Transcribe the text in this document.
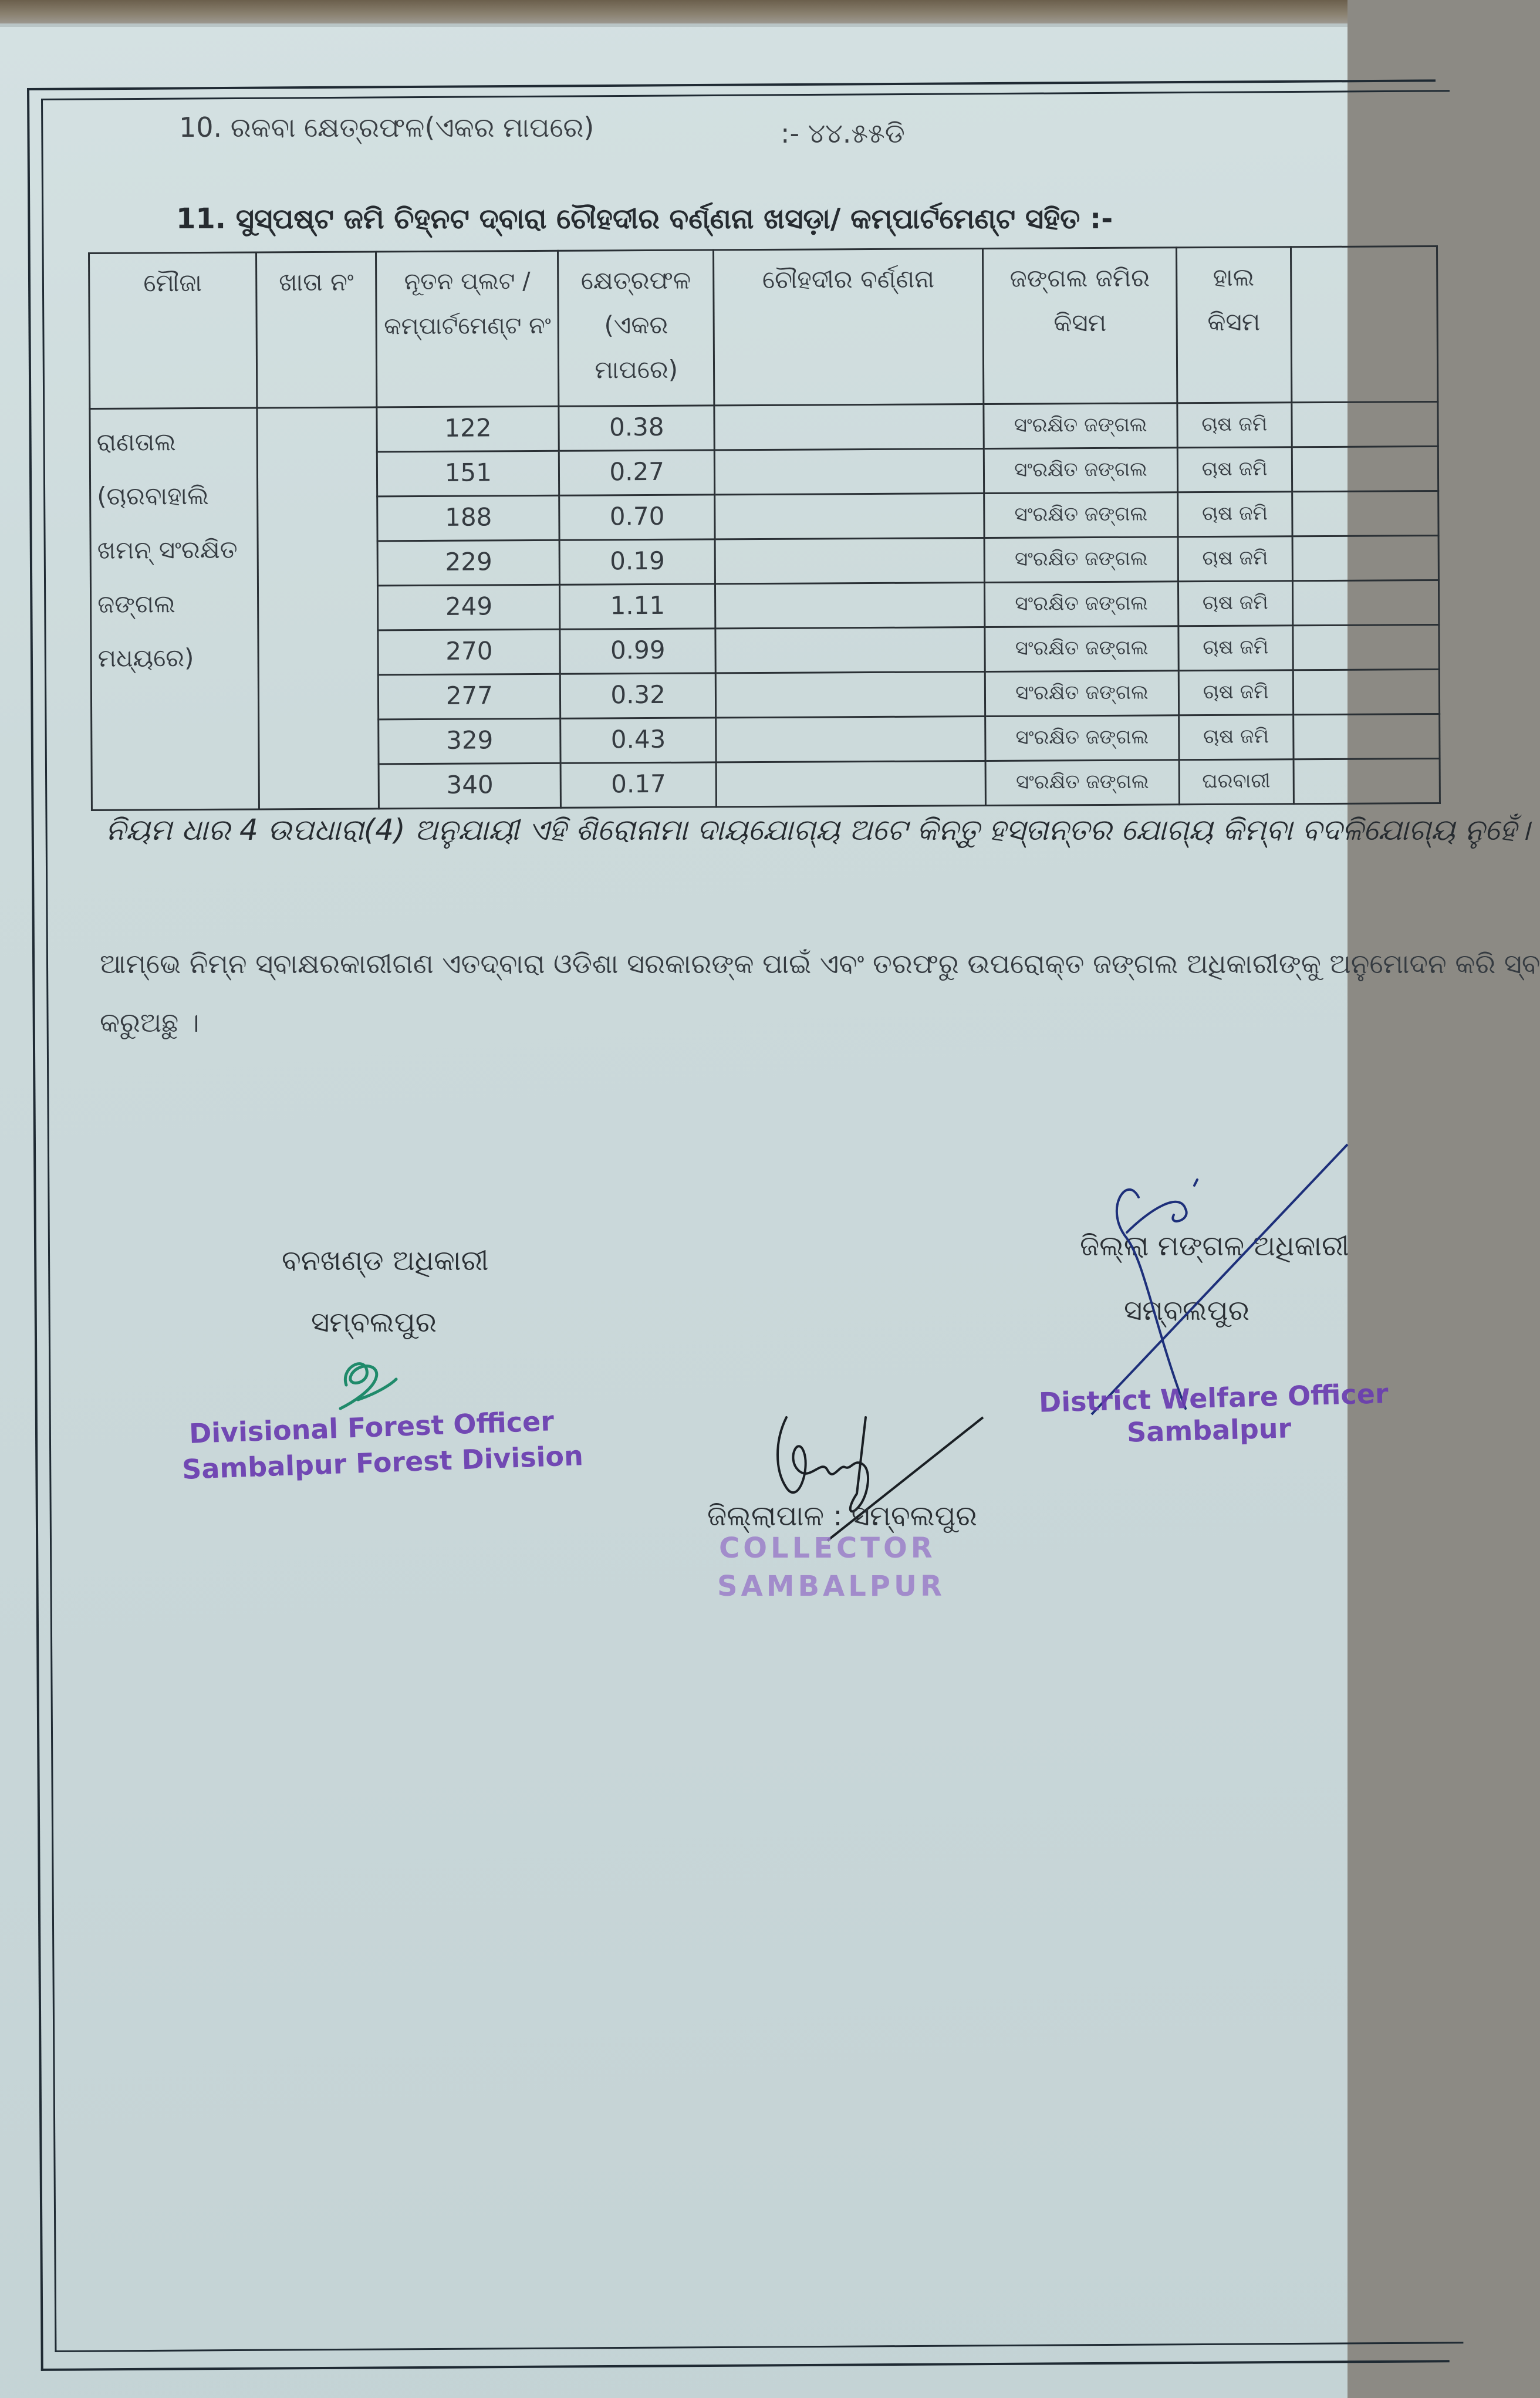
10. ରକବା କ୍ଷେତ୍ରଫଳ(ଏକର ମାପରେ)	:- ୪୪.୫୫ଡି
11. ସୁସ୍ପଷ୍ଟ ଜମି ଚିହ୍ନଟ ଦ୍ବାରା ଚୌହଦୀର ବର୍ଣ୍ଣନା ଖସଡ଼ା/ କମ୍ପାର୍ଟମେଣ୍ଟ ସହିତ :-
ମୌଜା	ଖାତା ନଂ	ନୂତନ ପ୍ଲଟ / କମ୍ପାର୍ଟମେଣ୍ଟ ନଂ	କ୍ଷେତ୍ରଫଳ (ଏକର ମାପରେ)	ଚୌହଦୀର ବର୍ଣ୍ଣନା	ଜଙ୍ଗଲ ଜମିର କିସମ	ହାଲ କିସମ	

ରାଣତାଲ
(ଚାରବାହାଲି
ଖମନ୍ ସଂରକ୍ଷିତ
ଜଙ୍ଗଲ ମଧ୍ୟରେ)		122	0.38		ସଂରକ୍ଷିତ ଜଙ୍ଗଲ	ଚାଷ ଜମି	
		151	0.27		ସଂରକ୍ଷିତ ଜଙ୍ଗଲ	ଚାଷ ଜମି	
		188	0.70		ସଂରକ୍ଷିତ ଜଙ୍ଗଲ	ଚାଷ ଜମି	
		229	0.19		ସଂରକ୍ଷିତ ଜଙ୍ଗଲ	ଚାଷ ଜମି	
		249	1.11		ସଂରକ୍ଷିତ ଜଙ୍ଗଲ	ଚାଷ ଜମି	
		270	0.99		ସଂରକ୍ଷିତ ଜଙ୍ଗଲ	ଚାଷ ଜମି	
		277	0.32		ସଂରକ୍ଷିତ ଜଙ୍ଗଲ	ଚାଷ ଜମି	
		329	0.43		ସଂରକ୍ଷିତ ଜଙ୍ଗଲ	ଚାଷ ଜମି	
		340	0.17		ସଂରକ୍ଷିତ ଜଙ୍ଗଲ	ଘରବାରୀ	
ନିୟମ ଧାର 4 ଉପଧାରା(4) ଅନୁଯାୟୀ ଏହି ଶିରୋନାମା ଦାୟଯୋଗ୍ୟ ଅଟେ କିନ୍ତୁ ହସ୍ତାନ୍ତର ଯୋଗ୍ୟ କିମ୍ବା ବଦଳିଯୋଗ୍ୟ ନୁହେଁ।
ଆମ୍ଭେ ନିମ୍ନ ସ୍ବାକ୍ଷରକାରୀଗଣ ଏତଦ୍ବାରା ଓଡିଶା ସରକାରଙ୍କ ପାଇଁ ଏବଂ ତରଫରୁ ଉପରୋକ୍ତ ଜଙ୍ଗଲ ଅଧିକାରୀଙ୍କୁ ଅନୁମୋଦନ କରି ସ୍ବ
କରୁଅଛୁ ।
ବନଖଣ୍ଡ ଅଧିକାରୀ
ସମ୍ବଲପୁର
Divisional Forest Officer
Sambalpur Forest Division
ଜିଲ୍ଲା ମଙ୍ଗଳ ଅଧିକାରୀ
ସମ୍ବଲପୁର
District Welfare Officer
Sambalpur
ଜିଲ୍ଲାପାଳ : ସମ୍ବଲପୁର
COLLECTOR
SAMBALPUR
